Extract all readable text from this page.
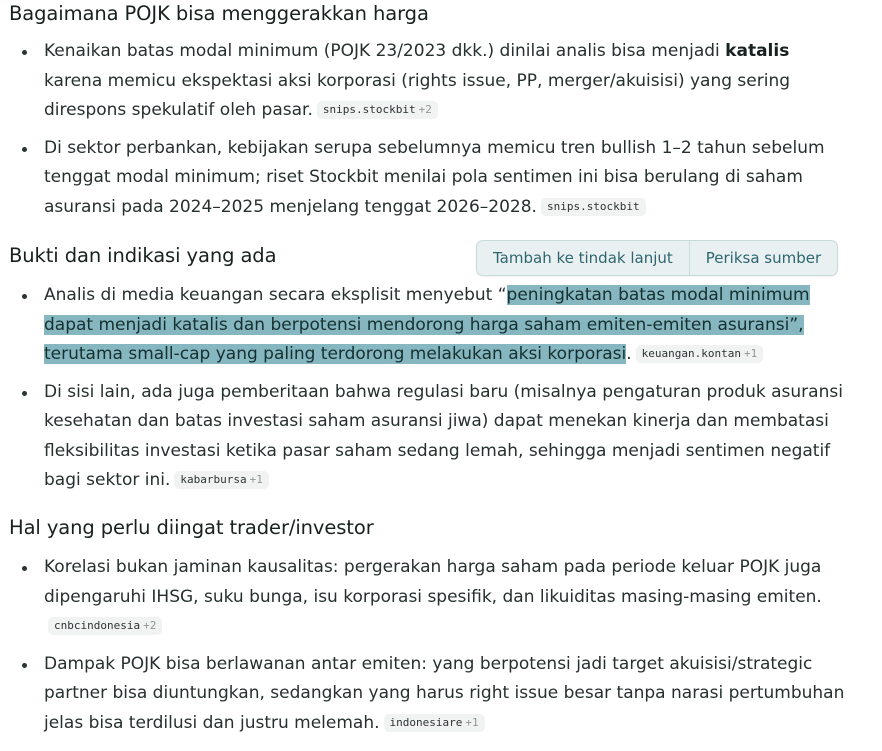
Bagaimana POJK bisa menggerakkan harga
Kenaikan batas modal minimum (POJK 23/2023 dkk.) dinilai analis bisa menjadi katalis karena memicu ekspektasi aksi korporasi (rights issue, PP, merger/akuisisi) yang sering direspons spekulatif oleh pasar. snips.stockbit +2
Di sektor perbankan, kebijakan serupa sebelumnya memicu tren bullish 1–2 tahun sebelum tenggat modal minimum; riset Stockbit menilai pola sentimen ini bisa berulang di saham asuransi pada 2024–2025 menjelang tenggat 2026–2028. snips.stockbit
Bukti dan indikasi yang ada	Tambah ke tindak lanjut	Periksa sumber
Analis di media keuangan secara eksplisit menyebut “peningkatan batas modal minimum dapat menjadi katalis dan berpotensi mendorong harga saham emiten-emiten asuransi”, terutama small-cap yang paling terdorong melakukan aksi korporasi. keuangan.kontan +1
Di sisi lain, ada juga pemberitaan bahwa regulasi baru (misalnya pengaturan produk asuransi kesehatan dan batas investasi saham asuransi jiwa) dapat menekan kinerja dan membatasi fleksibilitas investasi ketika pasar saham sedang lemah, sehingga menjadi sentimen negatif bagi sektor ini. kabarbursa +1
Hal yang perlu diingat trader/investor
Korelasi bukan jaminan kausalitas: pergerakan harga saham pada periode keluar POJK juga dipengaruhi IHSG, suku bunga, isu korporasi spesifik, dan likuiditas masing-masing emiten.cnbcindonesia +2
Dampak POJK bisa berlawanan antar emiten: yang berpotensi jadi target akuisisi/strategic partner bisa diuntungkan, sedangkan yang harus right issue besar tanpa narasi pertumbuhan jelas bisa terdilusi dan justru melemah. indonesiare +1
